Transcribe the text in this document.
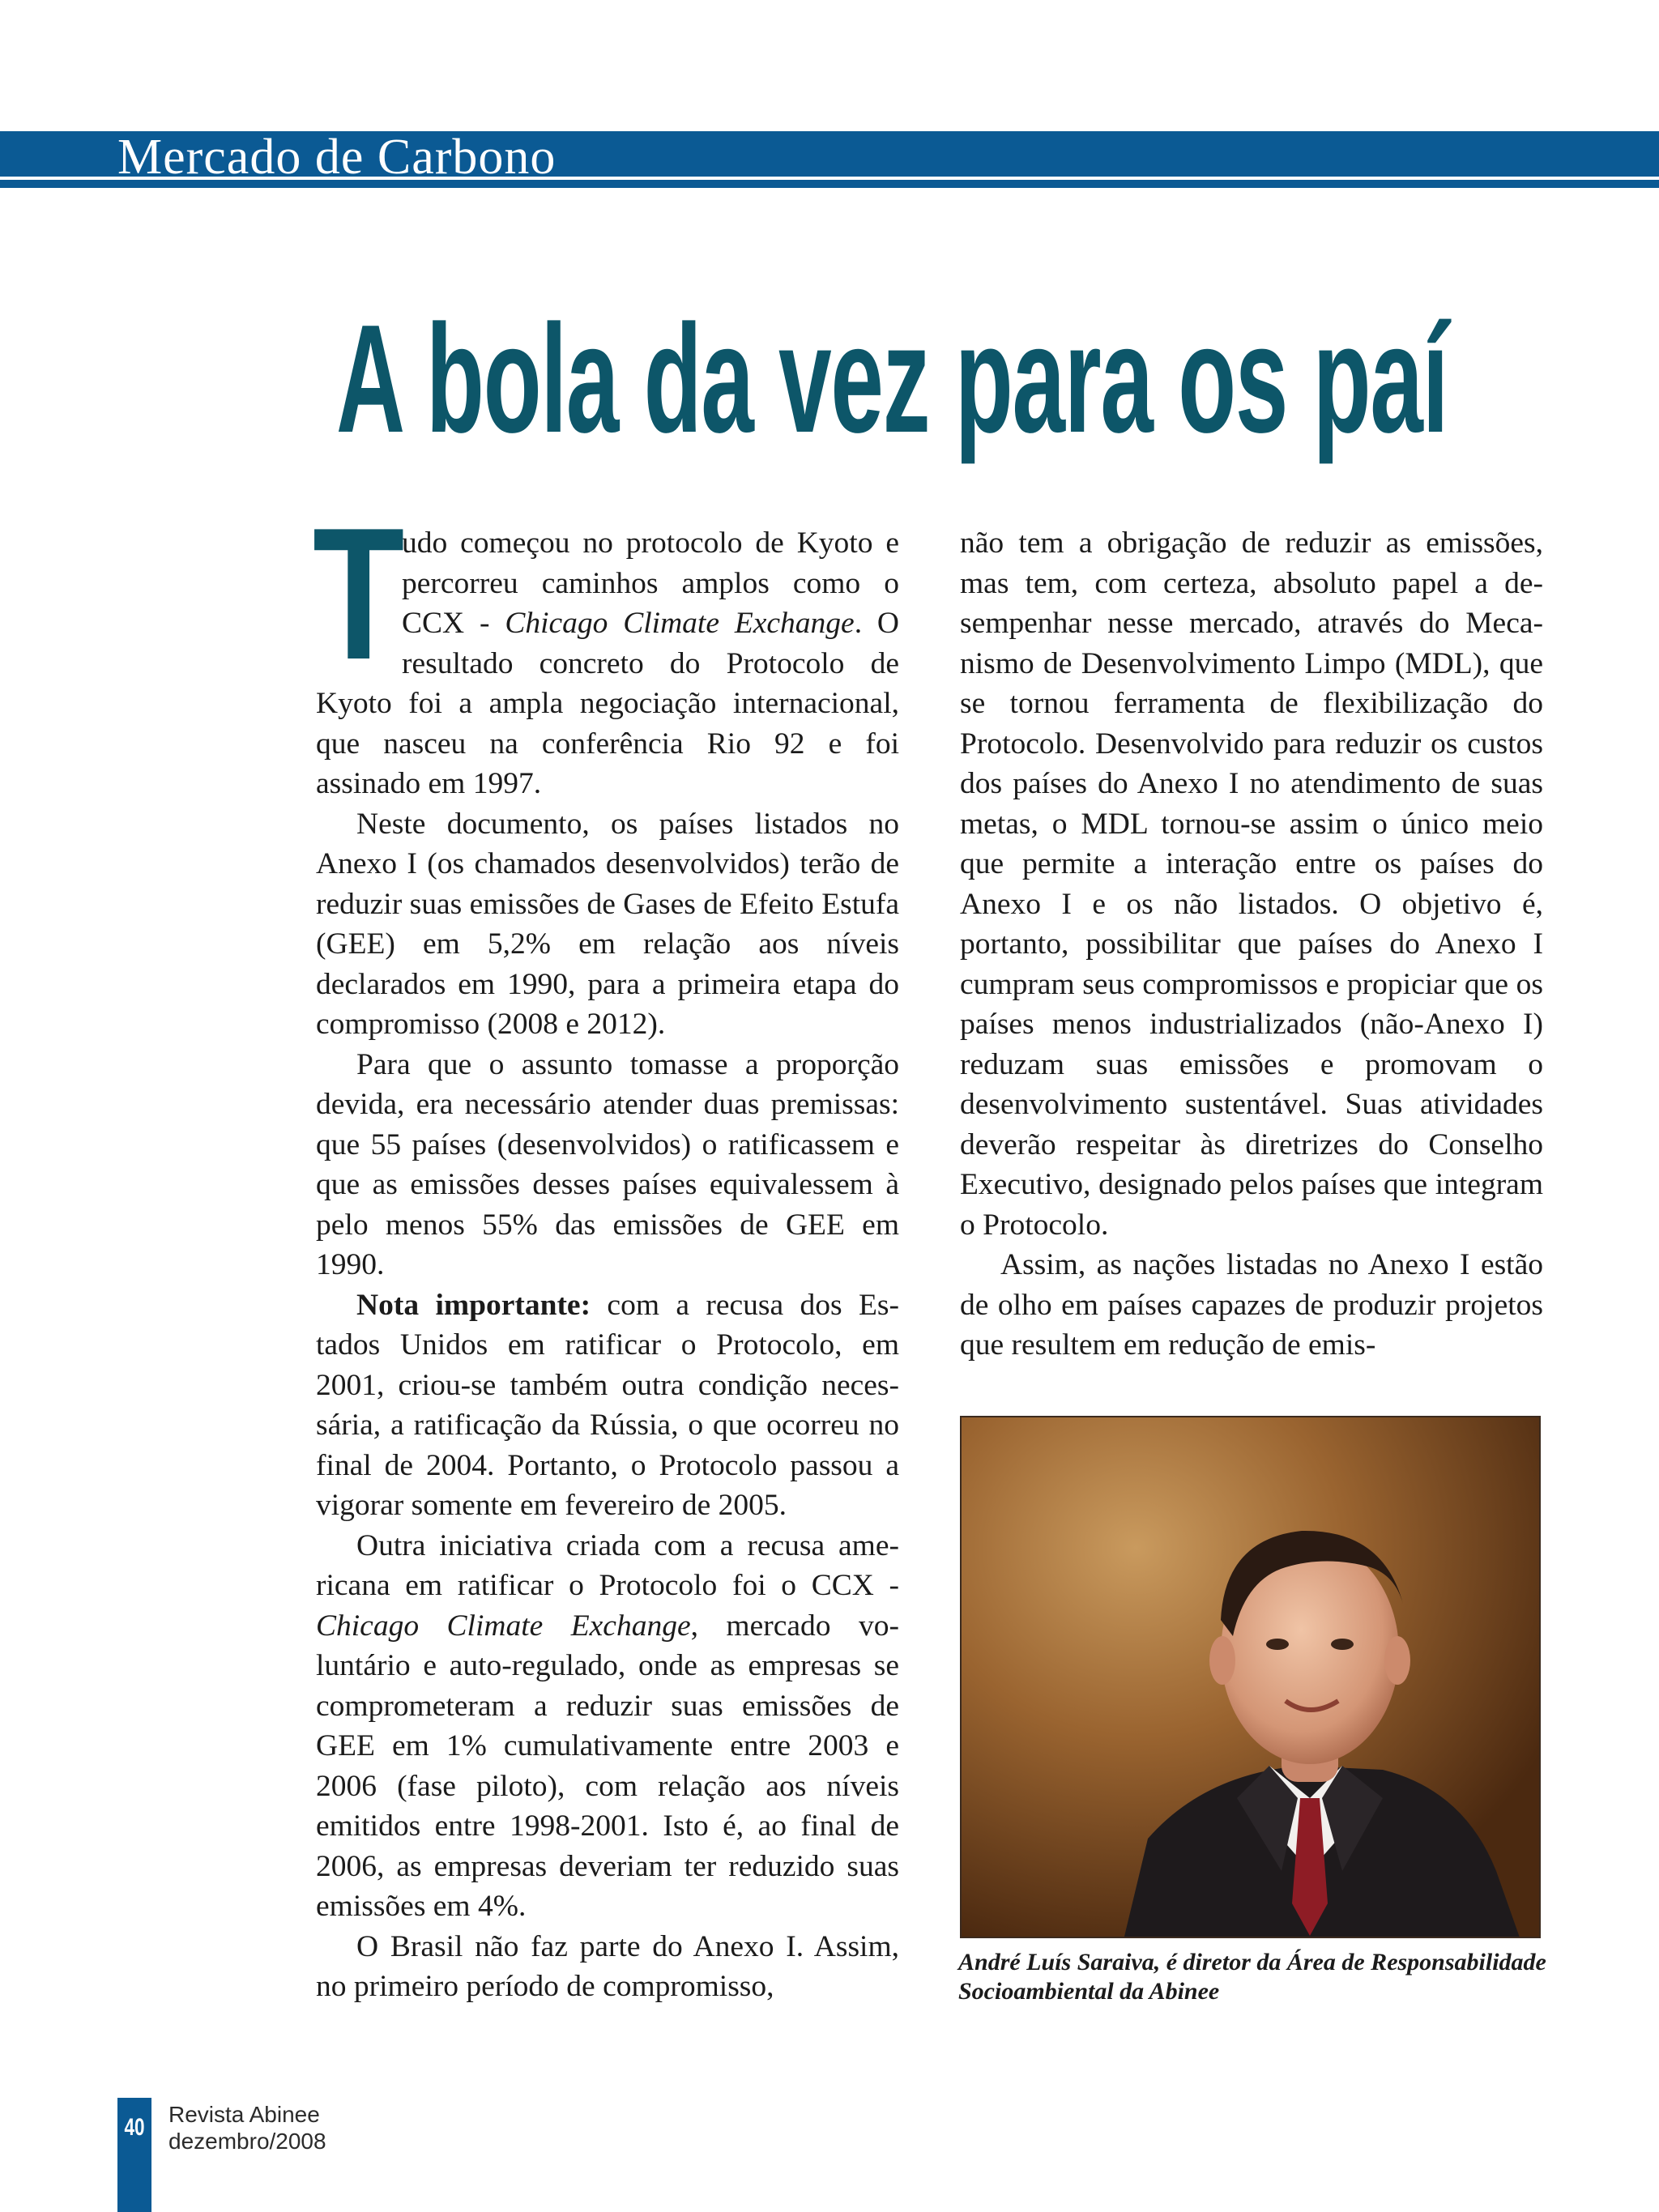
Mercado de Carbono
A bola da vez para os paí
T

udo começou no protocolo de Kyoto e percorreu caminhos amplos como o CCX - Chicago Climate Exchange. O resultado concreto do Protocolo de Kyoto foi a ampla negociação internacional, que nasceu na conferência Rio 92 e foi assinado em 1997.

Neste documento, os países listados no Anexo I (os chamados desenvolvidos) terão de reduzir suas emissões de Gases de Efeito Estufa (GEE) em 5,2% em relação aos níveis declarados em 1990, para a primeira etapa do compromisso (2008 e 2012).

Para que o assunto tomasse a proporção devida, era necessário atender duas premissas: que 55 países (desenvolvidos) o ratificassem e que as emissões desses países equivalessem à pelo menos 55% das emissões de GEE em 1990.

Nota importante: com a recusa dos Estados Unidos em ratificar o Protocolo, em 2001, criou-se também outra condição necessária, a ratificação da Rússia, o que ocorreu no final de 2004. Portanto, o Protocolo passou a vigorar somente em fevereiro de 2005.

Outra iniciativa criada com a recusa americana em ratificar o Protocolo foi o CCX - Chicago Climate Exchange, mercado voluntário e auto-regulado, onde as empresas se comprometeram a reduzir suas emissões de GEE em 1% cumulativamente entre 2003 e 2006 (fase piloto), com relação aos níveis emitidos entre 1998-2001. Isto é, ao final de 2006, as empresas deveriam ter reduzido suas emissões em 4%.

O Brasil não faz parte do Anexo I. Assim, no primeiro período de compromisso,

não tem a obrigação de reduzir as emissões, mas tem, com certeza, absoluto papel a desempenhar nesse mercado, através do Mecanismo de Desenvolvimento Limpo (MDL), que se tornou ferramenta de flexibilização do Protocolo. Desenvolvido para reduzir os custos dos países do Anexo I no atendimento de suas metas, o MDL tornou-se assim o único meio que permite a interação entre os países do Anexo I e os não listados. O objetivo é, portanto, possibilitar que países do Anexo I cumpram seus compromissos e propiciar que os países menos industrializados (não-Anexo I) reduzam suas emissões e promovam o desenvolvimento sustentável. Suas atividades deverão respeitar às diretrizes do Conselho Executivo, designado pelos países que integram o Protocolo.

Assim, as nações listadas no Anexo I estão de olho em países capazes de produzir projetos que resultem em redução de emis-

André Luís Saraiva, é diretor da Área de Responsabilidade Socioambiental da Abinee
40 Revista Abinee
dezembro/2008
